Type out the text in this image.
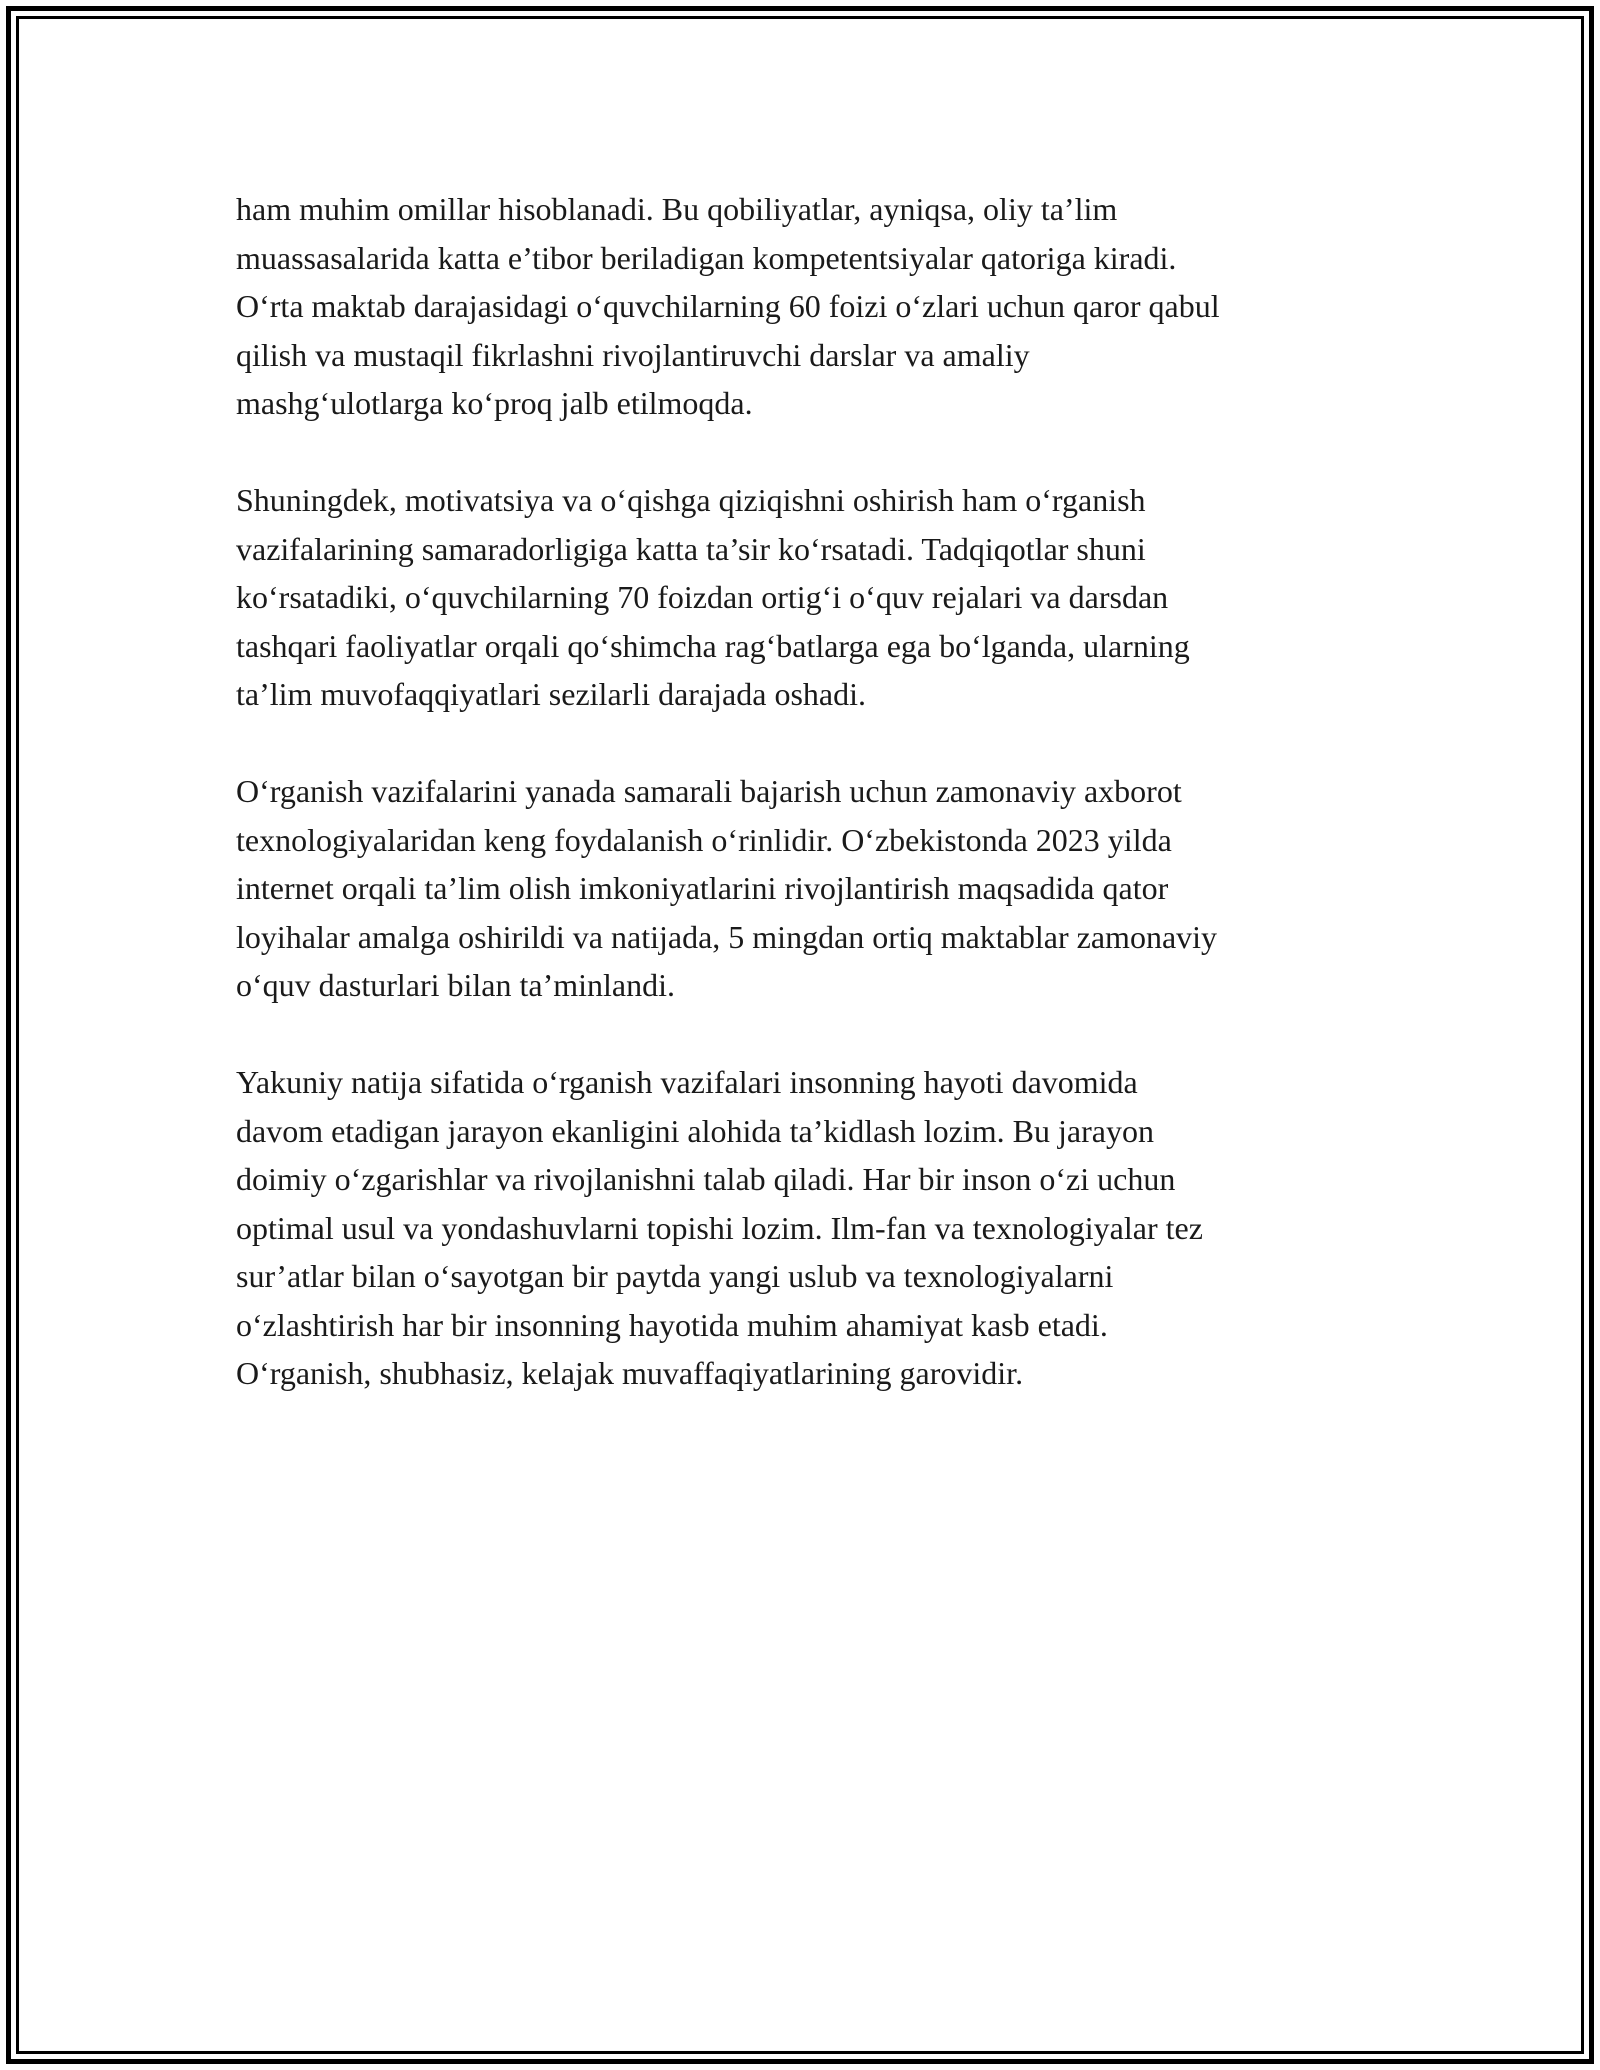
ham muhim omillar hisoblanadi. Bu qobiliyatlar, ayniqsa, oliy ta’lim
muassasalarida katta e’tibor beriladigan kompetentsiyalar qatoriga kiradi.
O‘rta maktab darajasidagi o‘quvchilarning 60 foizi o‘zlari uchun qaror qabul
qilish va mustaqil fikrlashni rivojlantiruvchi darslar va amaliy
mashg‘ulotlarga ko‘proq jalb etilmoqda.

Shuningdek, motivatsiya va o‘qishga qiziqishni oshirish ham o‘rganish
vazifalarining samaradorligiga katta ta’sir ko‘rsatadi. Tadqiqotlar shuni
ko‘rsatadiki, o‘quvchilarning 70 foizdan ortig‘i o‘quv rejalari va darsdan
tashqari faoliyatlar orqali qo‘shimcha rag‘batlarga ega bo‘lganda, ularning
ta’lim muvofaqqiyatlari sezilarli darajada oshadi.

O‘rganish vazifalarini yanada samarali bajarish uchun zamonaviy axborot
texnologiyalaridan keng foydalanish o‘rinlidir. O‘zbekistonda 2023 yilda
internet orqali ta’lim olish imkoniyatlarini rivojlantirish maqsadida qator
loyihalar amalga oshirildi va natijada, 5 mingdan ortiq maktablar zamonaviy
o‘quv dasturlari bilan ta’minlandi.

Yakuniy natija sifatida o‘rganish vazifalari insonning hayoti davomida
davom etadigan jarayon ekanligini alohida ta’kidlash lozim. Bu jarayon
doimiy o‘zgarishlar va rivojlanishni talab qiladi. Har bir inson o‘zi uchun
optimal usul va yondashuvlarni topishi lozim. Ilm-fan va texnologiyalar tez
sur’atlar bilan o‘sayotgan bir paytda yangi uslub va texnologiyalarni
o‘zlashtirish har bir insonning hayotida muhim ahamiyat kasb etadi.
O‘rganish, shubhasiz, kelajak muvaffaqiyatlarining garovidir.
